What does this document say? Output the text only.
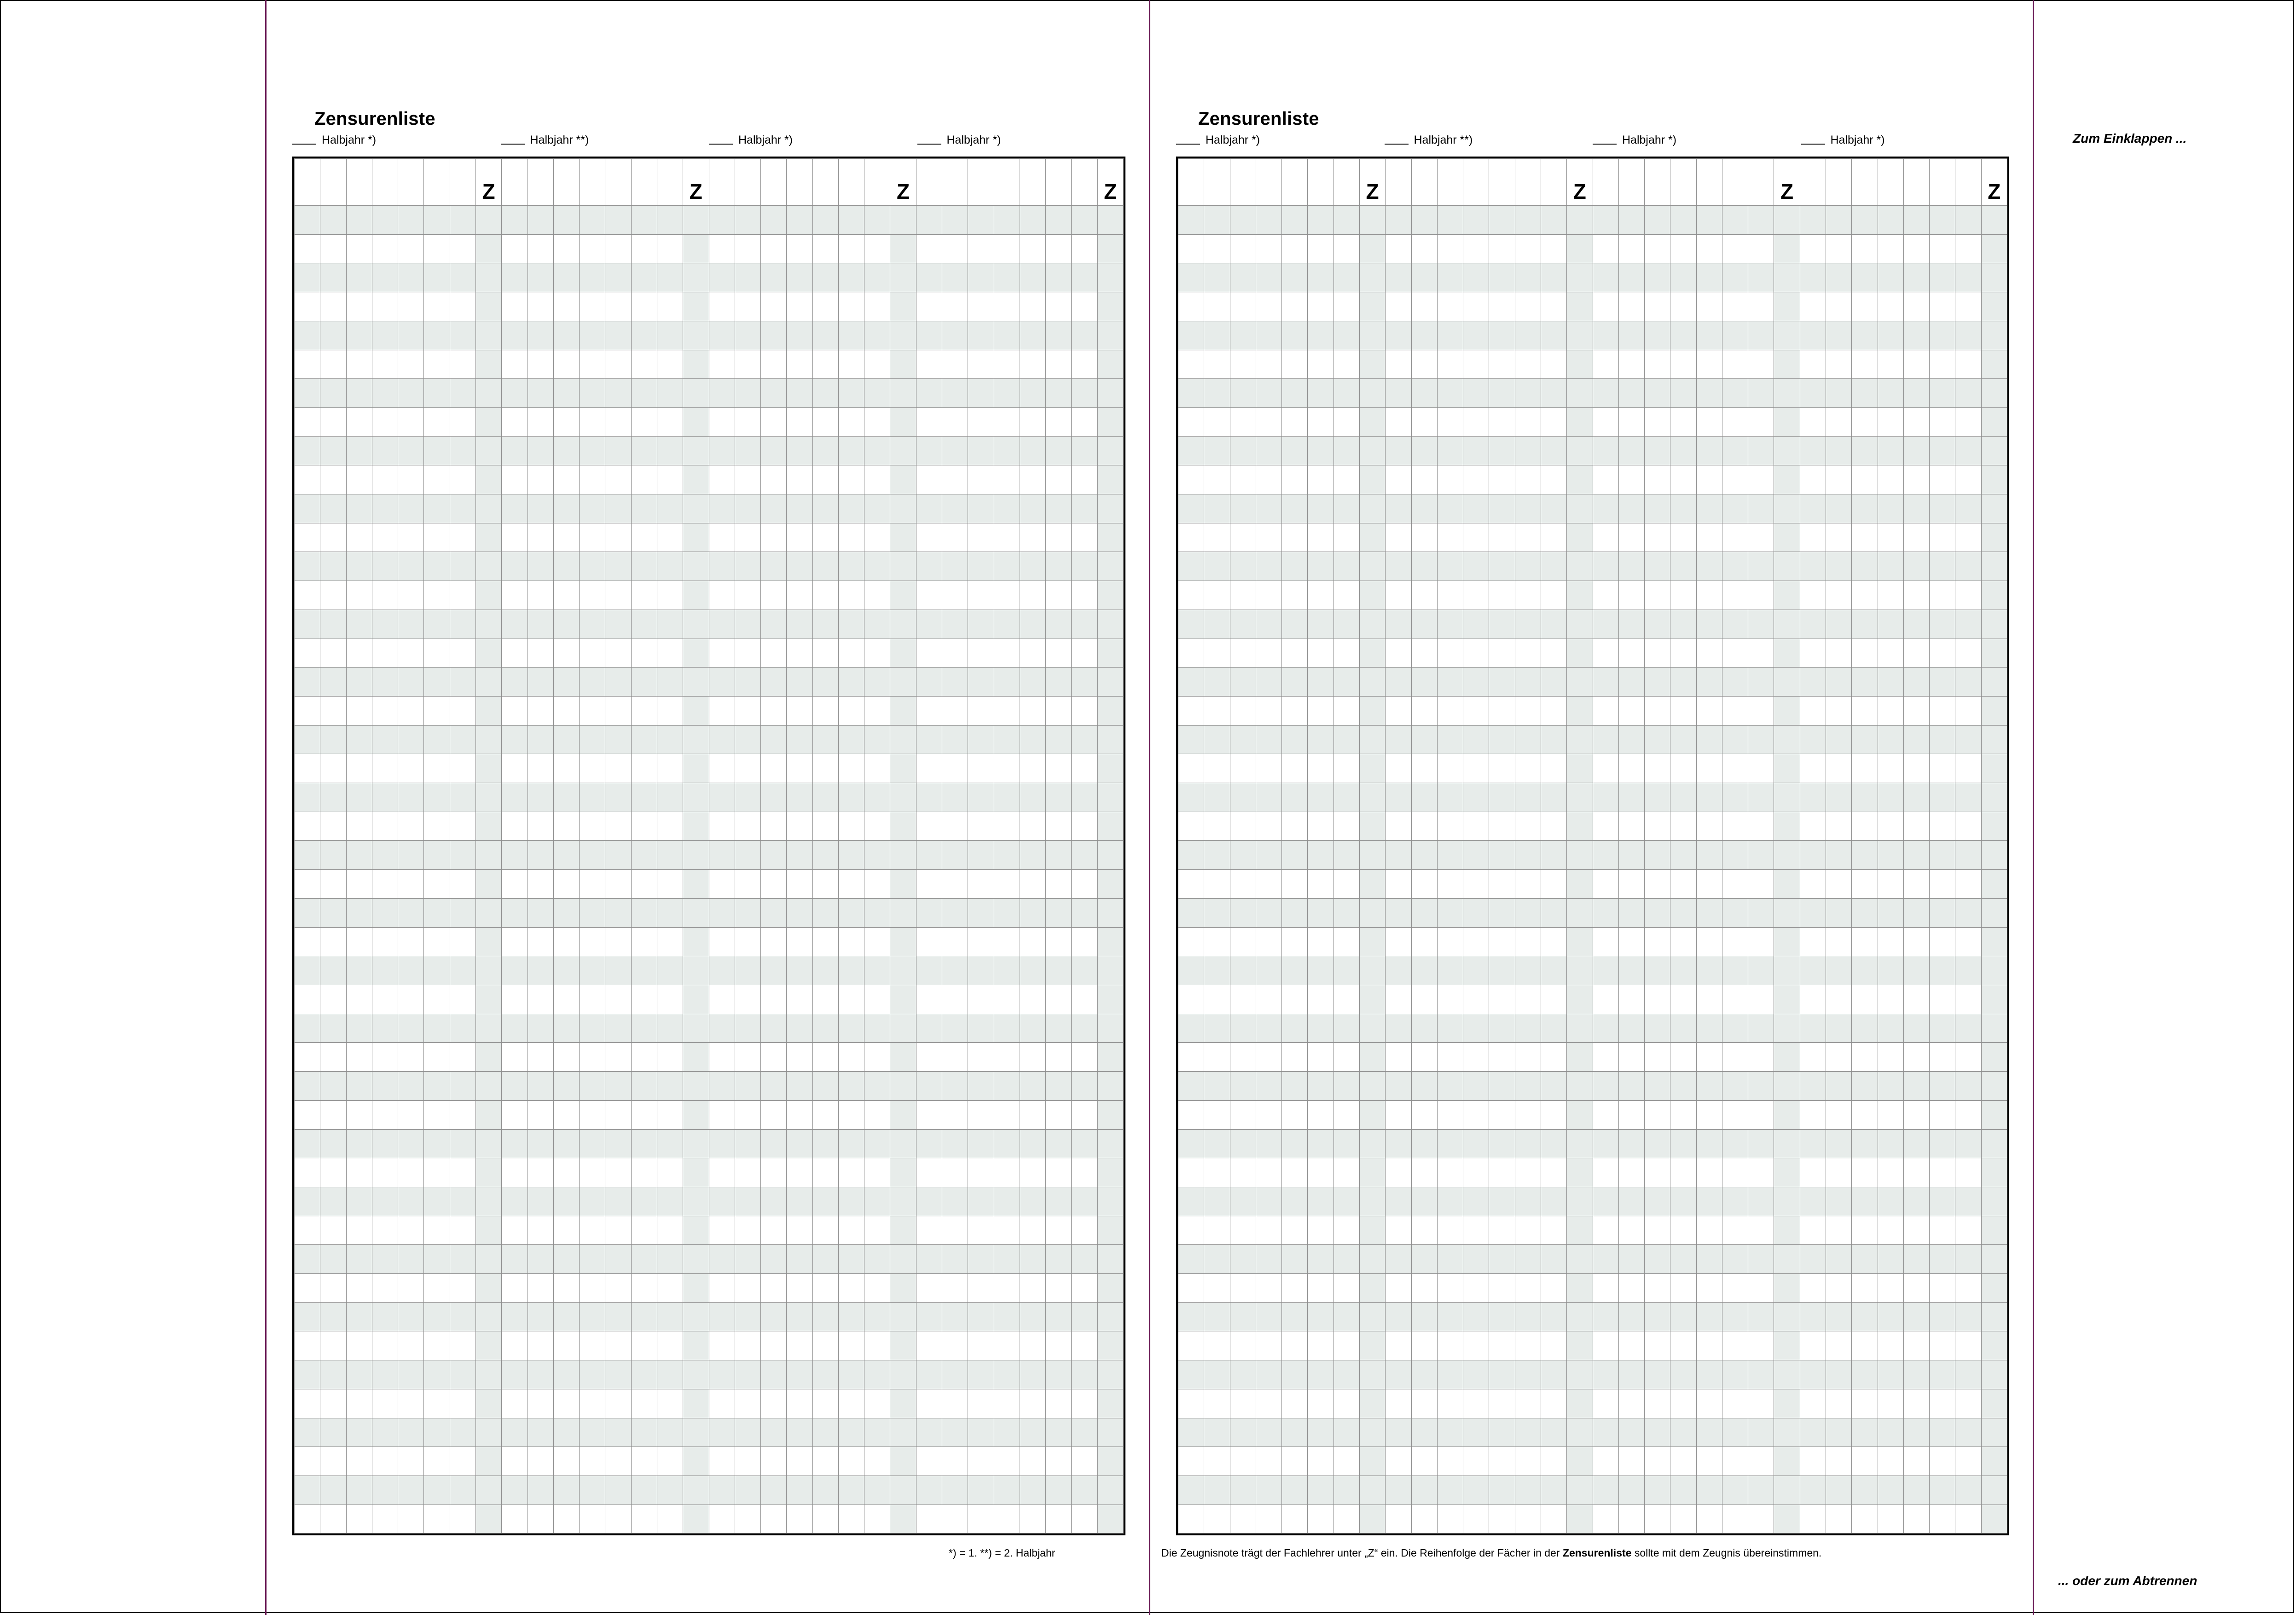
Zensurenliste
Halbjahr *)	Halbjahr **)	Halbjahr *)	Halbjahr *)

							Z								Z								Z								Z

*) = 1. **) = 2. Halbjahr
Zensurenliste
Halbjahr *)	Halbjahr **)	Halbjahr *)	Halbjahr *)

							Z								Z								Z								Z

Die Zeugnisnote trägt der Fachlehrer unter „Z“ ein. Die Reihenfolge der Fächer in der Zensurenliste sollte mit dem Zeugnis übereinstimmen.
Zum Einklappen ...
... oder zum Abtrennen
